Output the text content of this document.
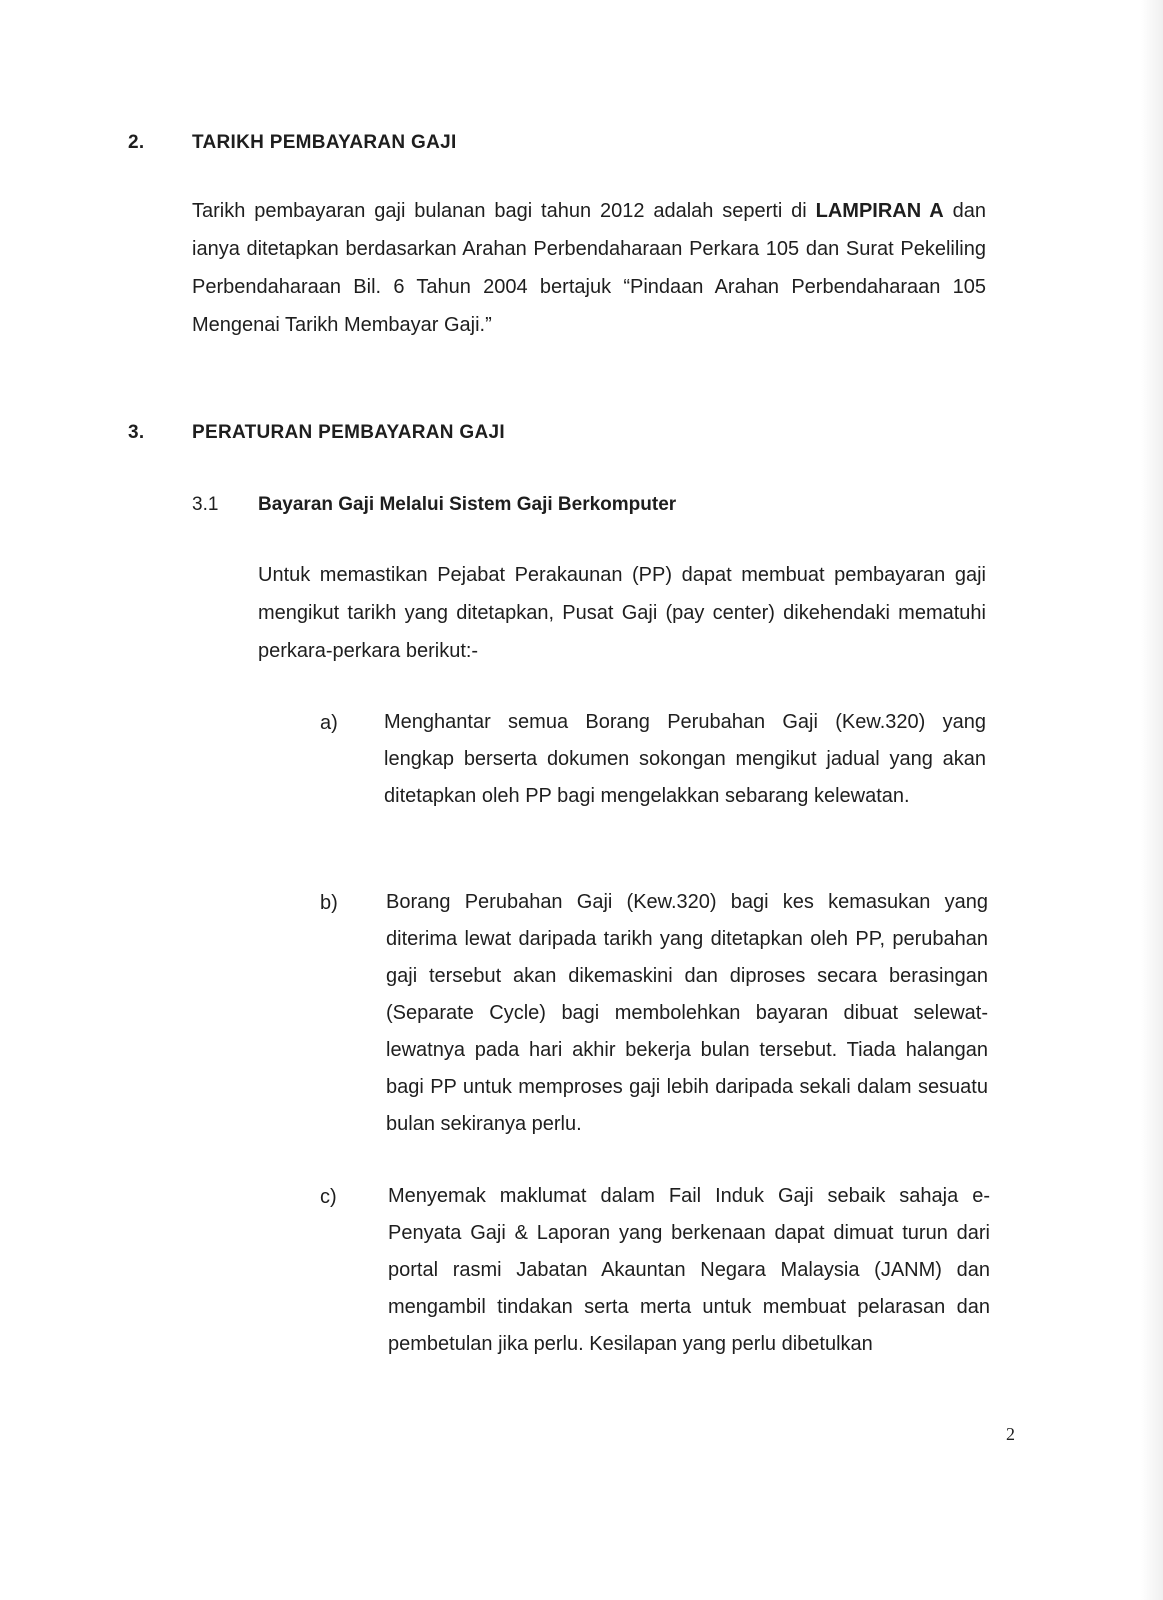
2.	TARIKH PEMBAYARAN GAJI

Tarikh pembayaran gaji bulanan bagi tahun 2012 adalah seperti di LAMPIRAN A dan ianya ditetapkan berdasarkan Arahan Perbendaharaan Perkara 105 dan Surat Pekeliling Perbendaharaan Bil. 6 Tahun 2004 bertajuk “Pindaan Arahan Perbendaharaan 105 Mengenai Tarikh Membayar Gaji.”

3.	PERATURAN PEMBAYARAN GAJI
3.1 Bayaran Gaji Melalui Sistem Gaji Berkomputer

Untuk memastikan Pejabat Perakaunan (PP) dapat membuat pembayaran gaji mengikut tarikh yang ditetapkan, Pusat Gaji (pay center) dikehendaki mematuhi perkara-perkara berikut:-

a) Menghantar semua Borang Perubahan Gaji (Kew.320) yang lengkap berserta dokumen sokongan mengikut jadual yang akan ditetapkan oleh PP bagi mengelakkan sebarang kelewatan.

b) Borang Perubahan Gaji (Kew.320) bagi kes kemasukan yang diterima lewat daripada tarikh yang ditetapkan oleh PP, perubahan gaji tersebut akan dikemaskini dan diproses secara berasingan (Separate Cycle) bagi membolehkan bayaran dibuat selewat-lewatnya pada hari akhir bekerja bulan tersebut. Tiada halangan bagi PP untuk memproses gaji lebih daripada sekali dalam sesuatu bulan sekiranya perlu.

c)	Menyemak maklumat dalam Fail Induk Gaji sebaik sahaja e-Penyata Gaji & Laporan yang berkenaan dapat dimuat turun dari portal rasmi Jabatan Akauntan Negara Malaysia (JANM) dan mengambil tindakan serta merta untuk membuat pelarasan dan pembetulan jika perlu. Kesilapan yang perlu dibetulkan

2
